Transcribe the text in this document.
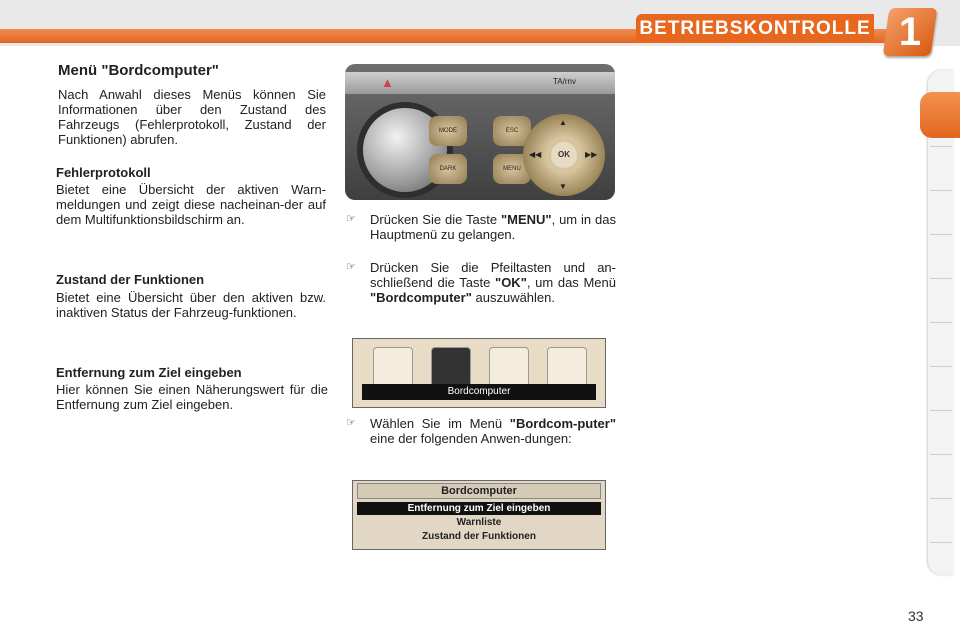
BETRIEBSKONTROLLE 1
Menü "Bordcomputer"
Nach Anwahl dieses Menüs können Sie Informationen über den Zustand des Fahrzeugs (Fehlerprotokoll, Zustand der Funktionen) abrufen.
Fehlerprotokoll
Bietet eine Übersicht der aktiven Warn-meldungen und zeigt diese nacheinan-der auf dem Multifunktionsbildschirm an.
Zustand der Funktionen
Bietet eine Übersicht über den aktiven bzw. inaktiven Status der Fahrzeug-funktionen.
Entfernung zum Ziel eingeben
Hier können Sie einen Näherungswert für die Entfernung zum Ziel eingeben.
▲	TA/rnv
MODE
DARK
ESC
MENU
▲
▼
◀◀	▶▶
OK
☞	Drücken Sie die Taste "MENU", um in das Hauptmenü zu gelangen.
☞	Drücken Sie die Pfeiltasten und an-schließend die Taste "OK", um das Menü "Bordcomputer" auszuwählen.
Bordcomputer
☞	Wählen Sie im Menü "Bordcom-puter" eine der folgenden Anwen-dungen:
Bordcomputer
Entfernung zum Ziel eingeben
Warnliste
Zustand der Funktionen
33
